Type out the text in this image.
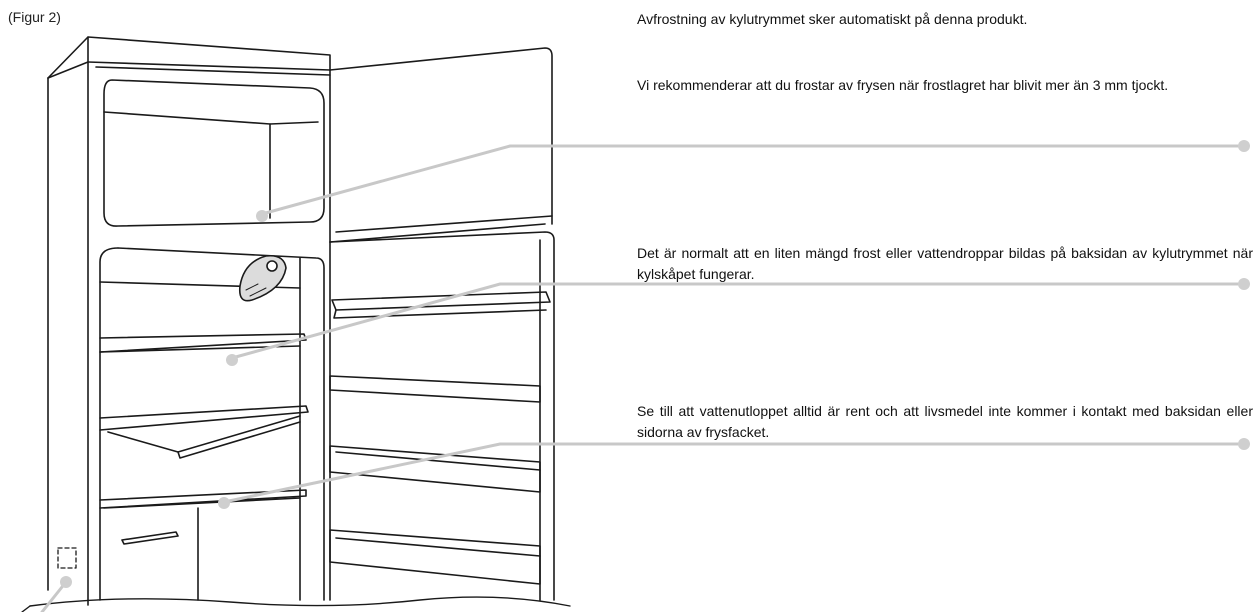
(Figur 2)	Avfrostning av kylutrymmet sker automatiskt på denna produkt.

Vi rekommenderar att du frostar av frysen när frostlagret har blivit mer än 3 mm tjockt.

Det är normalt att en liten mängd frost eller vattendroppar bildas på baksidan av kylutrymmet när kylskåpet fungerar.

Se till att vattenutloppet alltid är rent och att livsmedel inte kommer i kontakt med baksidan eller sidorna av frysfacket.
